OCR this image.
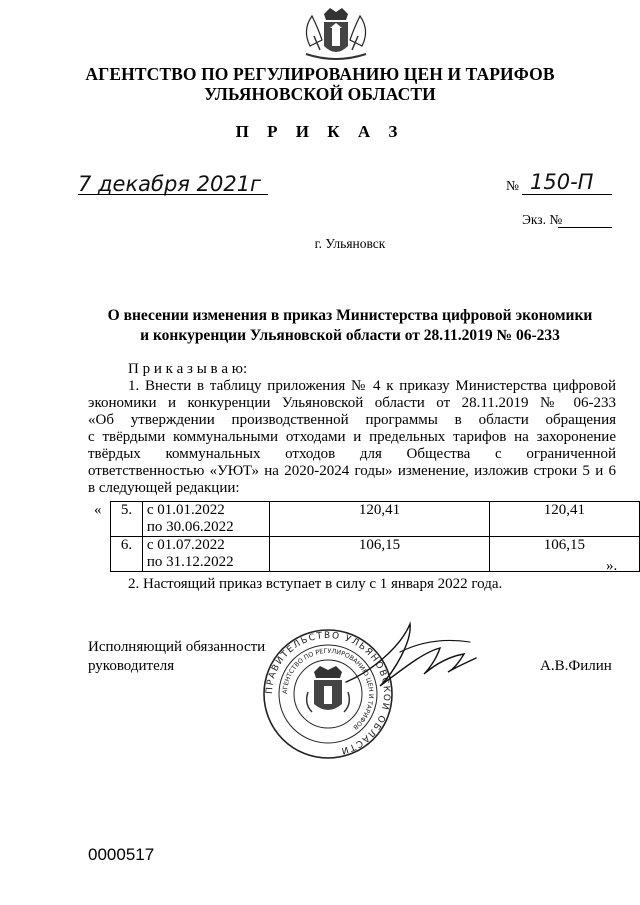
АГЕНТСТВО ПО РЕГУЛИРОВАНИЮ ЦЕН И ТАРИФОВ
УЛЬЯНОВСКОЙ ОБЛАСТИ
П Р И К А З
7 декабря 2021г	№ 150-П
Экз. №
г. Ульяновск
О внесении изменения в приказ Министерства цифровой экономики
и конкуренции Ульяновской области от 28.11.2019 № 06-233
П р и к а з ы в а ю:
1. Внести в таблицу приложения № 4 к приказу Министерства цифровой
экономики и конкуренции Ульяновской области от 28.11.2019 № 06-233
«Об утверждении производственной программы в области обращения
с твёрдыми коммунальными отходами и предельных тарифов на захоронение
твёрдых коммунальных отходов для Общества с ограниченной
ответственностью «УЮТ» на 2020-2024 годы» изменение, изложив строки 5 и 6
в следующей редакции:
« 5.	с 01.01.2022
по 30.06.2022	120,41	120,41
6.	с 01.07.2022
по 31.12.2022	106,15	106,15
».
2. Настоящий приказ вступает в силу с 1 января 2022 года.
Исполняющий обязанности
руководителя	А.В.Филин
ПРАВИТЕЛЬСТВО УЛЬЯНОВСКОЙ ОБЛАСТИ
АГЕНТСТВО ПО РЕГУЛИРОВАНИЮ ЦЕН И ТАРИФОВ
0000517
